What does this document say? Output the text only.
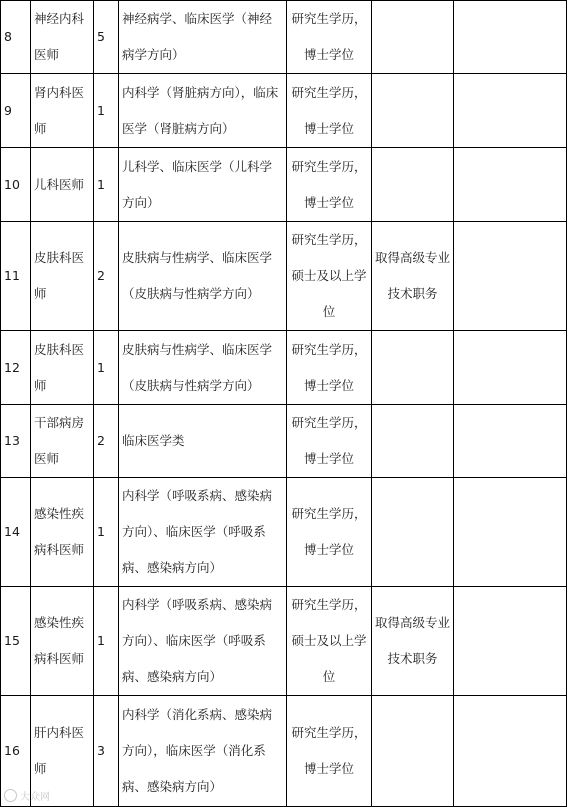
8	神经内科医师	5	神经病学、临床医学（神经病学方向）	研究生学历，博士学位		

9	肾内科医师	1	内科学（肾脏病方向），临床医学（肾脏病方向）	研究生学历，博士学位		

10	儿科医师	1	儿科学、临床医学（儿科学方向）	研究生学历，博士学位		

11	皮肤科医师	2	皮肤病与性病学、临床医学（皮肤病与性病学方向）	研究生学历，硕士及以上学位	取得高级专业技术职务	

12	皮肤科医师	1	皮肤病与性病学、临床医学（皮肤病与性病学方向）	研究生学历，博士学位		

13	干部病房医师	2	临床医学类	研究生学历，博士学位		

14	感染性疾病科医师	1	内科学（呼吸系病、感染病方向）、临床医学（呼吸系病、感染病方向）	研究生学历，博士学位		

15	感染性疾病科医师	1	内科学（呼吸系病、感染病方向）、临床医学（呼吸系病、感染病方向）	研究生学历，硕士及以上学位	取得高级专业技术职务	

16	肝内科医师	3	内科学（消化系病、感染病方向），临床医学（消化系病、感染病方向）	研究生学历，博士学位		

大众网
